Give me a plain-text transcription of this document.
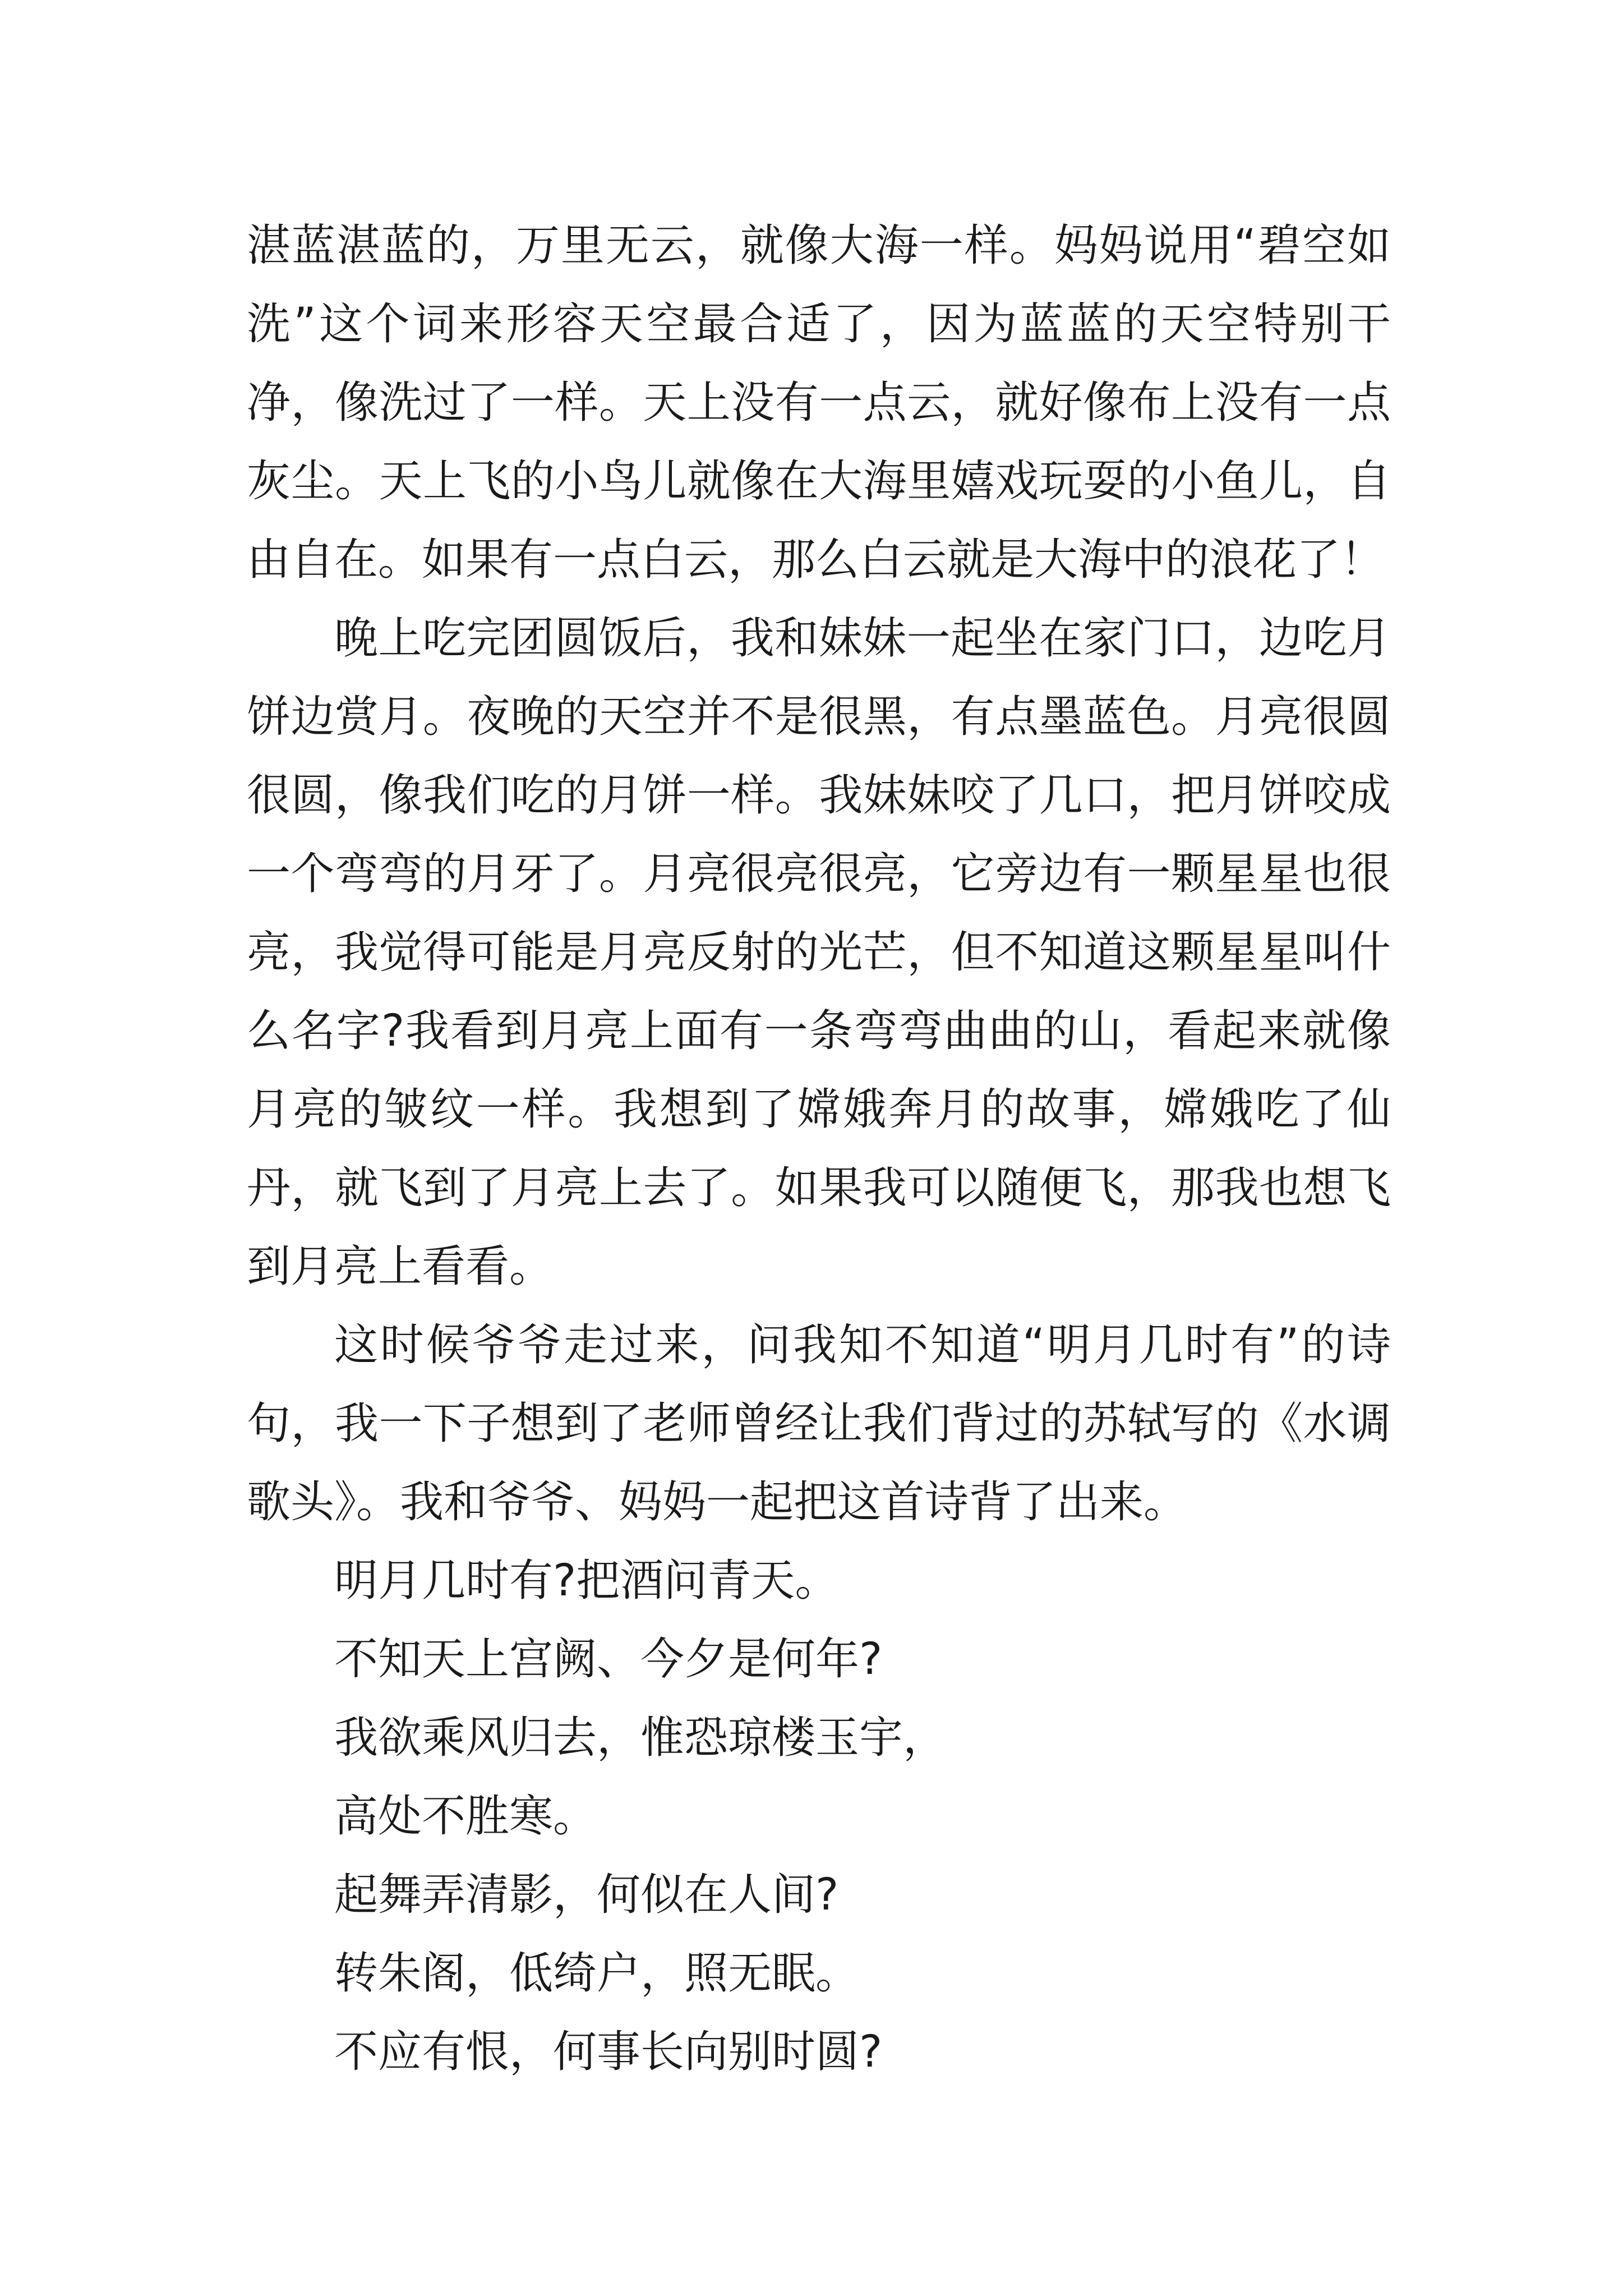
湛蓝湛蓝的，万里无云，就像大海一样。妈妈说用“碧空如洗”这个词来形容天空最合适了，因为蓝蓝的天空特别干净，像洗过了一样。天上没有一点云，就好像布上没有一点灰尘。天上飞的小鸟儿就像在大海里嬉戏玩耍的小鱼儿，自由自在。如果有一点白云，那么白云就是大海中的浪花了！

晚上吃完团圆饭后，我和妹妹一起坐在家门口，边吃月饼边赏月。夜晚的天空并不是很黑，有点墨蓝色。月亮很圆很圆，像我们吃的月饼一样。我妹妹咬了几口，把月饼咬成一个弯弯的月牙了。月亮很亮很亮，它旁边有一颗星星也很亮，我觉得可能是月亮反射的光芒，但不知道这颗星星叫什么名字?我看到月亮上面有一条弯弯曲曲的山，看起来就像月亮的皱纹一样。我想到了嫦娥奔月的故事，嫦娥吃了仙丹，就飞到了月亮上去了。如果我可以随便飞，那我也想飞到月亮上看看。

这时候爷爷走过来，问我知不知道“明月几时有”的诗句，我一下子想到了老师曾经让我们背过的苏轼写的《水调歌头》。我和爷爷、妈妈一起把这首诗背了出来。

明月几时有?把酒问青天。

不知天上宫阙、今夕是何年?

我欲乘风归去，惟恐琼楼玉宇，

高处不胜寒。

起舞弄清影，何似在人间?

转朱阁，低绮户，照无眠。

不应有恨，何事长向别时圆?
